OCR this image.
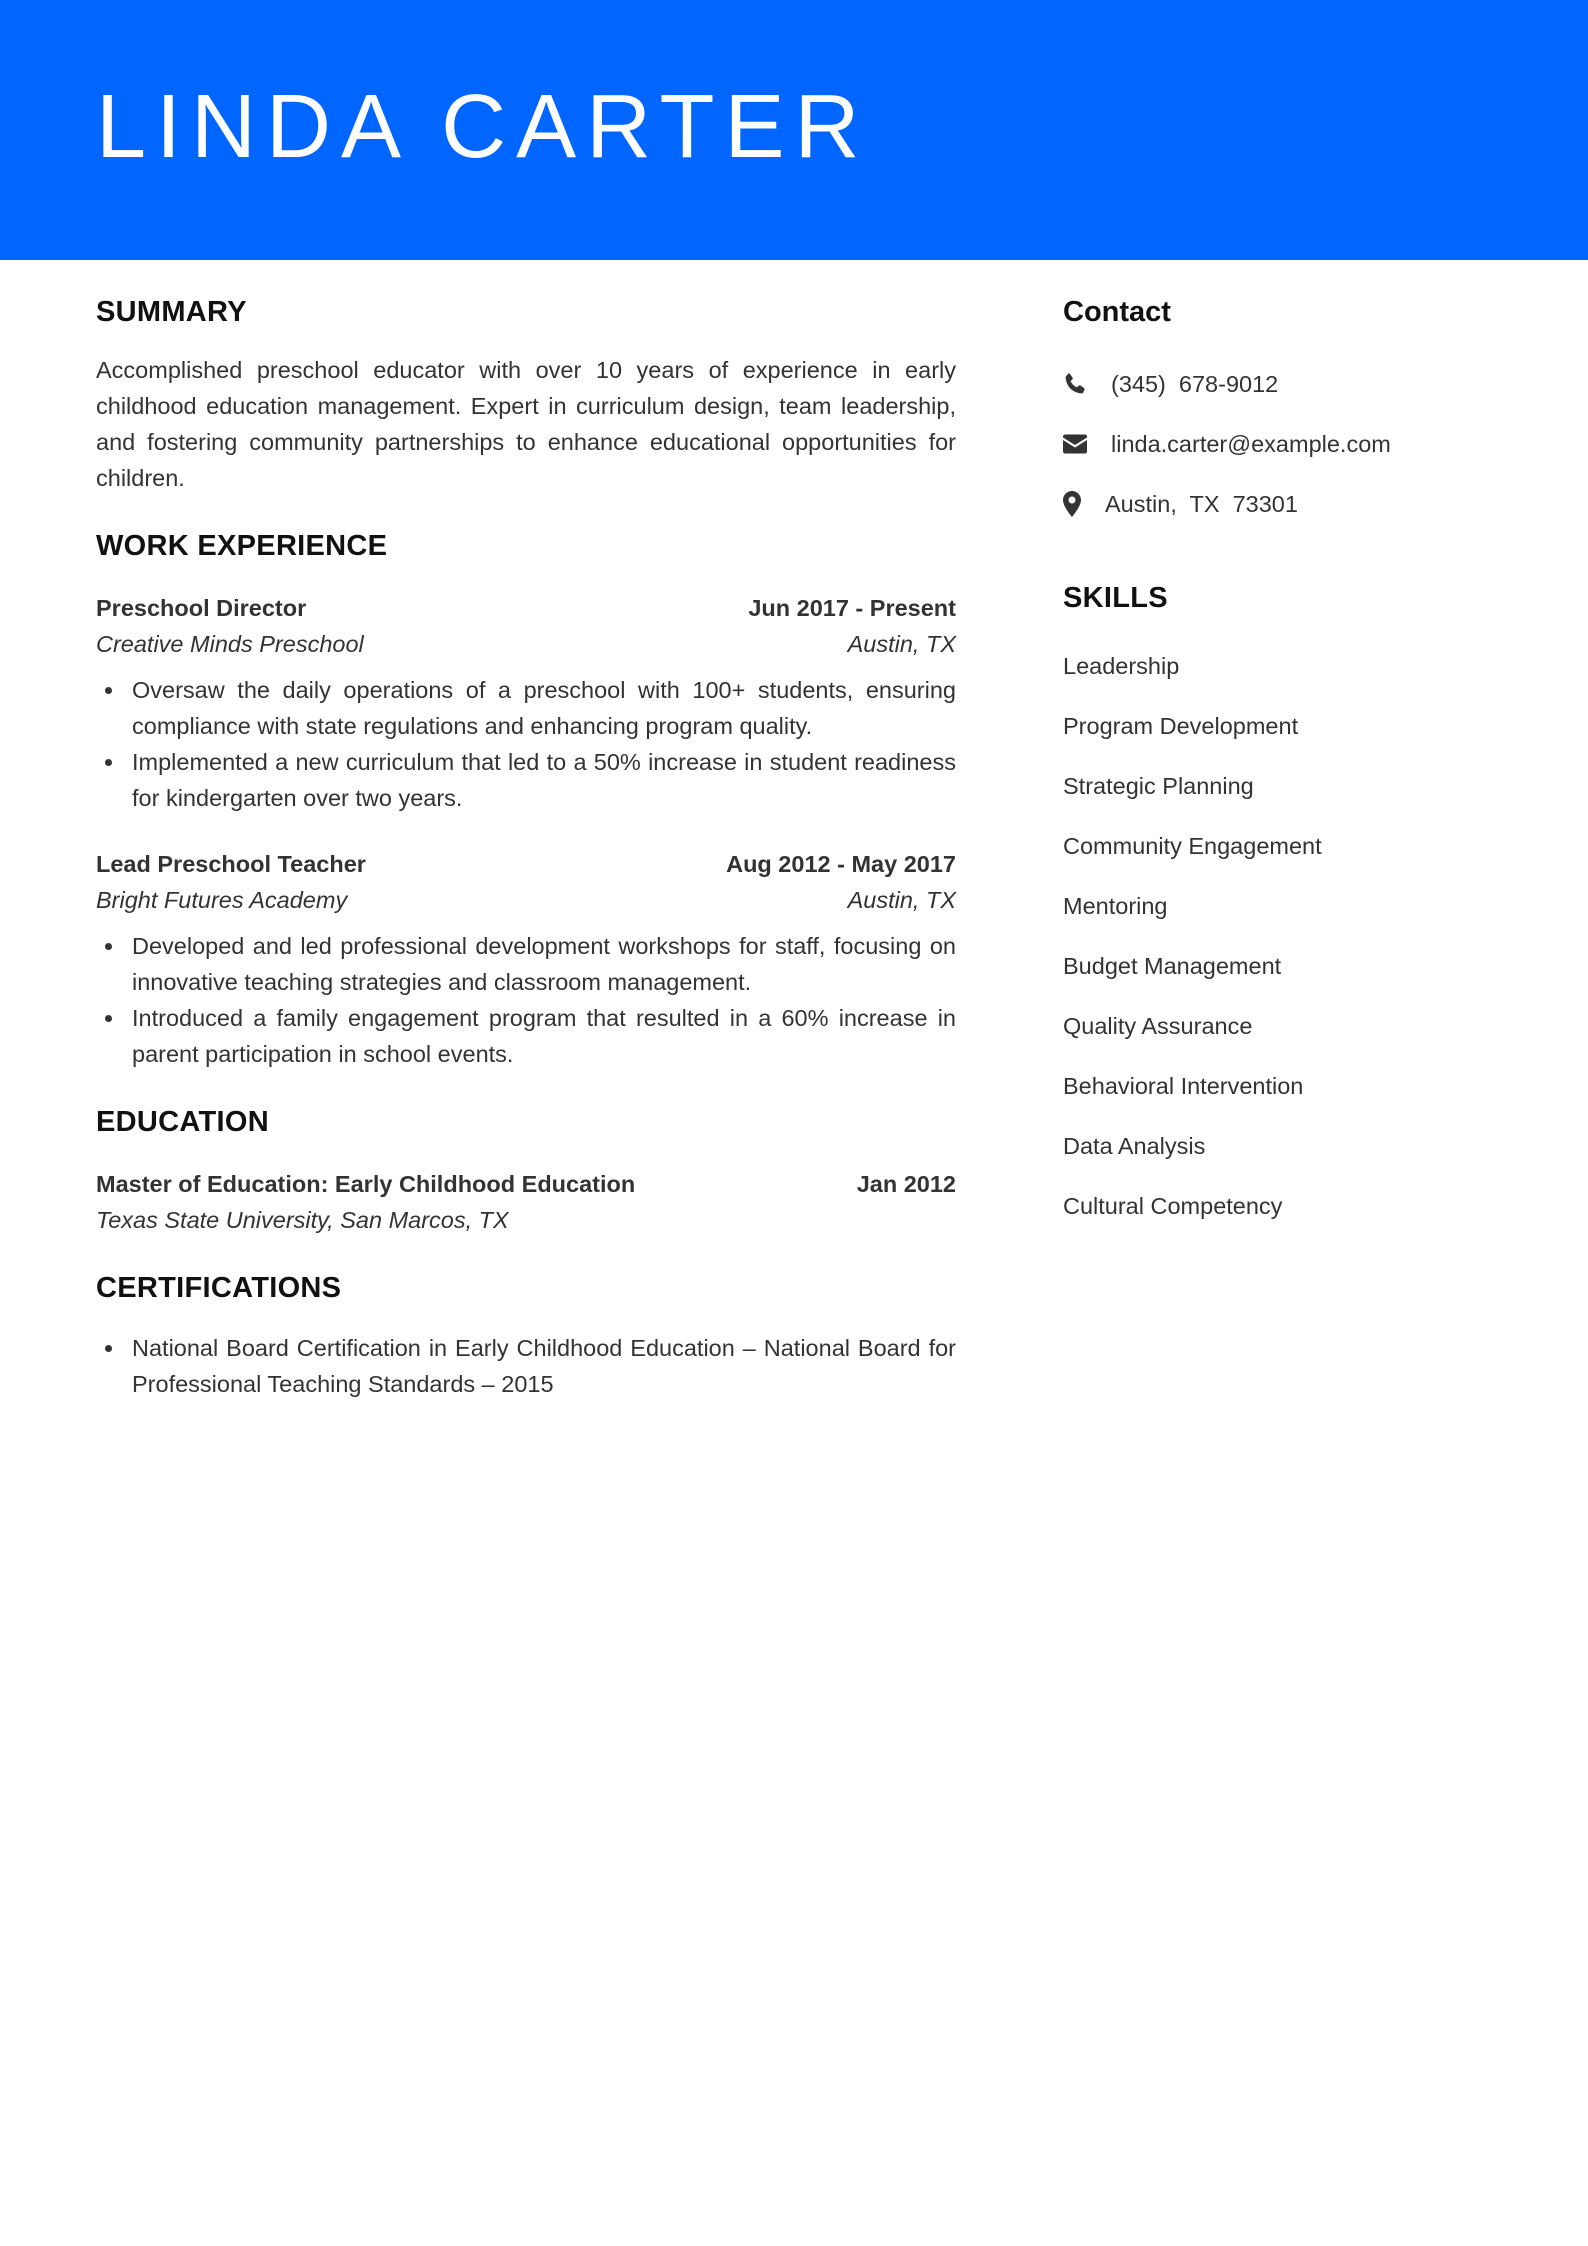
LINDA CARTER
SUMMARY

Accomplished preschool educator with over 10 years of experience in early childhood education management. Expert in curriculum design, team leadership, and fostering community partnerships to enhance educational opportunities for children.

WORK EXPERIENCE
Preschool Director	Jun 2017 - Present
Creative Minds Preschool	Austin, TX
Oversaw the daily operations of a preschool with 100+ students, ensuring compliance with state regulations and enhancing program quality.
Implemented a new curriculum that led to a 50% increase in student readiness for kindergarten over two years.
Lead Preschool Teacher	Aug 2012 - May 2017
Bright Futures Academy	Austin, TX
Developed and led professional development workshops for staff, focusing on innovative teaching strategies and classroom management.
Introduced a family engagement program that resulted in a 60% increase in parent participation in school events.
EDUCATION
Master of Education: Early Childhood Education	Jan 2012
Texas State University, San Marcos, TX
CERTIFICATIONS
National Board Certification in Early Childhood Education – National Board for Professional Teaching Standards – 2015
Contact
(345)  678-9012
linda.carter@example.com
Austin,  TX  73301
SKILLS
Leadership
Program Development
Strategic Planning
Community Engagement
Mentoring
Budget Management
Quality Assurance
Behavioral Intervention
Data Analysis
Cultural Competency
